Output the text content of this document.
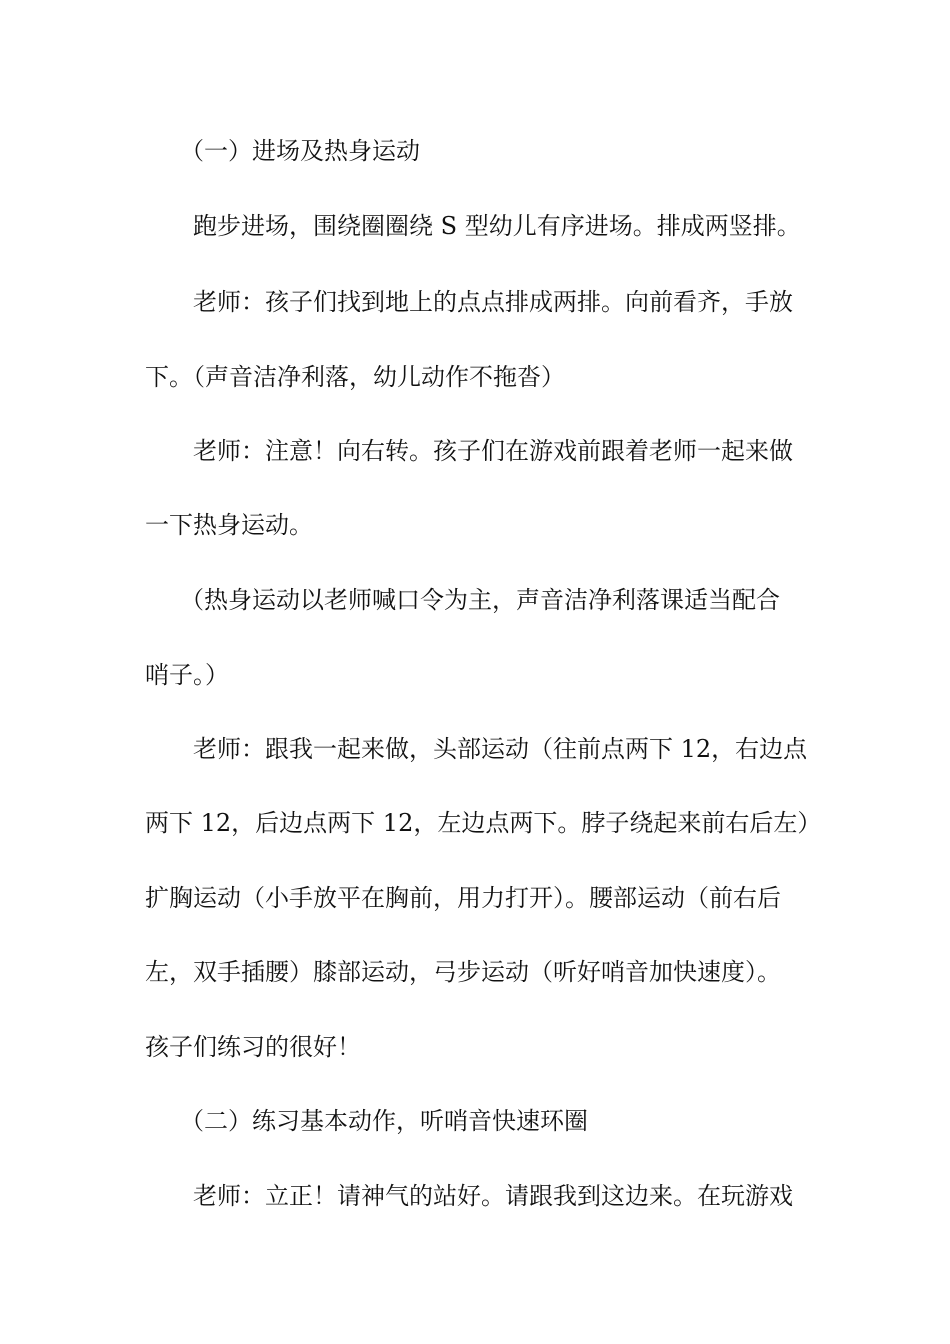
（一）进场及热身运动
跑步进场，围绕圈圈绕 S 型幼儿有序进场。排成两竖排。
老师：孩子们找到地上的点点排成两排。向前看齐，手放
下。（声音洁净利落，幼儿动作不拖沓）
老师：注意！向右转。孩子们在游戏前跟着老师一起来做
一下热身运动。
（热身运动以老师喊口令为主，声音洁净利落课适当配合
哨子。）
老师：跟我一起来做，头部运动（往前点两下 12，右边点
两下 12，后边点两下 12，左边点两下。脖子绕起来前右后左）
扩胸运动（小手放平在胸前，用力打开）。腰部运动（前右后
左，双手插腰）膝部运动，弓步运动（听好哨音加快速度）。
孩子们练习的很好！
（二）练习基本动作，听哨音快速环圈
老师：立正！请神气的站好。请跟我到这边来。在玩游戏
